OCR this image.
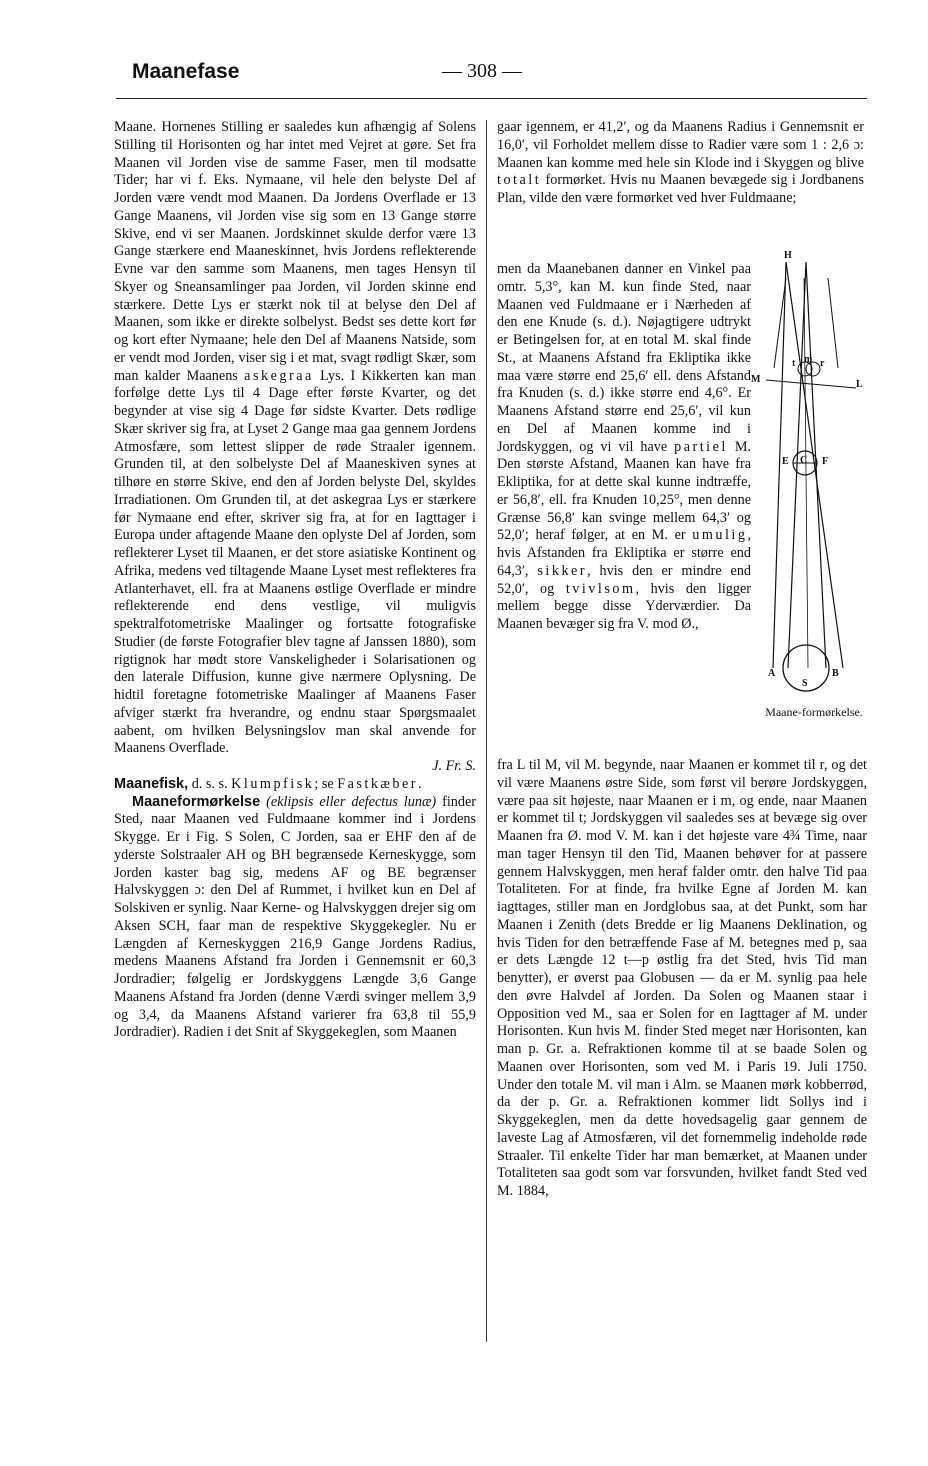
Maanefase	— 308 —

Maane. Hornenes Stilling er saaledes kun afhængig af Solens Stilling til Horisonten og har intet med Vejret at gøre. Set fra Maanen vil Jorden vise de samme Faser, men til modsatte Tider; har vi f. Eks. Nymaane, vil hele den belyste Del af Jorden være vendt mod Maanen. Da Jordens Overflade er 13 Gange Maanens, vil Jorden vise sig som en 13 Gange større Skive, end vi ser Maanen. Jordskinnet skulde derfor være 13 Gange stærkere end Maaneskinnet, hvis Jordens reflekterende Evne var den samme som Maanens, men tages Hensyn til Skyer og Sneansamlinger paa Jorden, vil Jorden skinne end stærkere. Dette Lys er stærkt nok til at belyse den Del af Maanen, som ikke er direkte solbelyst. Bedst ses dette kort før og kort efter Nymaane; hele den Del af Maanens Natside, som er vendt mod Jorden, viser sig i et mat, svagt rødligt Skær, som man kalder Maanens askegraa Lys. I Kikkerten kan man forfølge dette Lys til 4 Dage efter første Kvarter, og det begynder at vise sig 4 Dage før sidste Kvarter. Dets rødlige Skær skriver sig fra, at Lyset 2 Gange maa gaa gennem Jordens Atmosfære, som lettest slipper de røde Straaler igennem. Grunden til, at den solbelyste Del af Maaneskiven synes at tilhøre en større Skive, end den af Jorden belyste Del, skyldes Irradiationen. Om Grunden til, at det askegraa Lys er stærkere før Nymaane end efter, skriver sig fra, at for en Iagttager i Europa under aftagende Maane den oplyste Del af Jorden, som reflekterer Lyset til Maanen, er det store asiatiske Kontinent og Afrika, medens ved tiltagende Maane Lyset mest reflekteres fra Atlanterhavet, ell. fra at Maanens østlige Overflade er mindre reflekterende end dens vestlige, vil muligvis spektralfotometriske Maalinger og fortsatte fotografiske Studier (de første Fotografier blev tagne af Janssen 1880), som rigtignok har mødt store Vanskeligheder i Solarisationen og den laterale Diffusion, kunne give nærmere Oplysning. De hidtil foretagne fotometriske Maalinger af Maanens Faser afviger stærkt fra hverandre, og endnu staar Spørgsmaalet aabent, om hvilken Belysningslov man skal anvende for Maanens Overflade.

J. Fr. S.

Maanefisk, d. s. s. Klumpfisk; se Fastkæber.

Maaneformørkelse (eklipsis eller defectus lunæ) finder Sted, naar Maanen ved Fuldmaane kommer ind i Jordens Skygge. Er i Fig. S Solen, C Jorden, saa er EHF den af de yderste Solstraaler AH og BH begrænsede Kerneskygge, som Jorden kaster bag sig, medens AF og BE begrænser Halvskyggen ɔ: den Del af Rummet, i hvilket kun en Del af Solskiven er synlig. Naar Kerne- og Halvskyggen drejer sig om Aksen SCH, faar man de respektive Skyggekegler. Nu er Længden af Kerneskyggen 216,9 Gange Jordens Radius, medens Maanens Afstand fra Jorden i Gennemsnit er 60,3 Jordradier; følgelig er Jordskyggens Længde 3,6 Gange Maanens Afstand fra Jorden (denne Værdi svinger mellem 3,9 og 3,4, da Maanens Afstand varierer fra 63,8 til 55,9 Jordradier). Radien i det Snit af Skyggekeglen, som Maanen

gaar igennem, er 41,2′, og da Maanens Radius i Gennemsnit er 16,0′, vil Forholdet mellem disse to Radier være som 1 : 2,6 ɔ: Maanen kan komme med hele sin Klode ind i Skyggen og blive totalt formørket. Hvis nu Maanen bevægede sig i Jordbanens Plan, vilde den være formørket ved hver Fuldmaane;

men da Maanebanen danner en Vinkel paa omtr. 5,3°, kan M. kun finde Sted, naar Maanen ved Fuldmaane er i Nærheden af den ene Knude (s. d.). Nøjagtigere udtrykt er Betingelsen for, at en total M. skal finde St., at Maanens Afstand fra Ekliptika ikke maa være større end 25,6′ ell. dens Afstand fra Knuden (s. d.) ikke større end 4,6°. Er Maanens Afstand større end 25,6′, vil kun en Del af Maanen komme ind i Jordskyggen, og vi vil have partiel M. Den største Afstand, Maanen kan have fra Ekliptika, for at dette skal kunne indtræffe, er 56,8′, ell. fra Knuden 10,25°, men denne Grænse 56,8′ kan svinge mellem 64,3′ og 52,0′; heraf følger, at en M. er umulig, hvis Afstanden fra Ekliptika er større end 64,3′, sikker, hvis den er mindre end 52,0′, og tvivlsom, hvis den ligger mellem begge disse Yderværdier. Da Maanen bevæger sig fra V. mod Ø.,

fra L til M, vil M. begynde, naar Maanen er kommet til r, og det vil være Maanens østre Side, som først vil berøre Jordskyggen, være paa sit højeste, naar Maanen er i m, og ende, naar Maanen er kommet til t; Jordskyggen vil saaledes ses at bevæge sig over Maanen fra Ø. mod V. M. kan i det højeste vare 4¾ Time, naar man tager Hensyn til den Tid, Maanen behøver for at passere gennem Halvskyggen, men heraf falder omtr. den halve Tid paa Totaliteten. For at finde, fra hvilke Egne af Jorden M. kan iagttages, stiller man en Jordglobus saa, at det Punkt, som har Maanen i Zenith (dets Bredde er lig Maanens Deklination, og hvis Tiden for den betræffende Fase af M. betegnes med p, saa er dets Længde 12 t—p østlig fra det Sted, hvis Tid man benytter), er øverst paa Globusen — da er M. synlig paa hele den øvre Halvdel af Jorden. Da Solen og Maanen staar i Opposition ved M., saa er Solen for en Iagttager af M. under Horisonten. Kun hvis M. finder Sted meget nær Horisonten, kan man p. Gr. a. Refraktionen komme til at se baade Solen og Maanen over Horisonten, som ved M. i Paris 19. Juli 1750. Under den totale M. vil man i Alm. se Maanen mørk kobberrød, da der p. Gr. a. Refraktionen kommer lidt Sollys ind i Skyggekeglen, men da dette hovedsagelig gaar gennem de laveste Lag af Atmosfæren, vil det fornemmelig indeholde røde Straaler. Til enkelte Tider har man bemærket, at Maanen under Totaliteten saa godt som var forsvunden, hvilket fandt Sted ved M. 1884,

H
t m r
M	L
E C F
A
S
B
Maane-formørkelse.
